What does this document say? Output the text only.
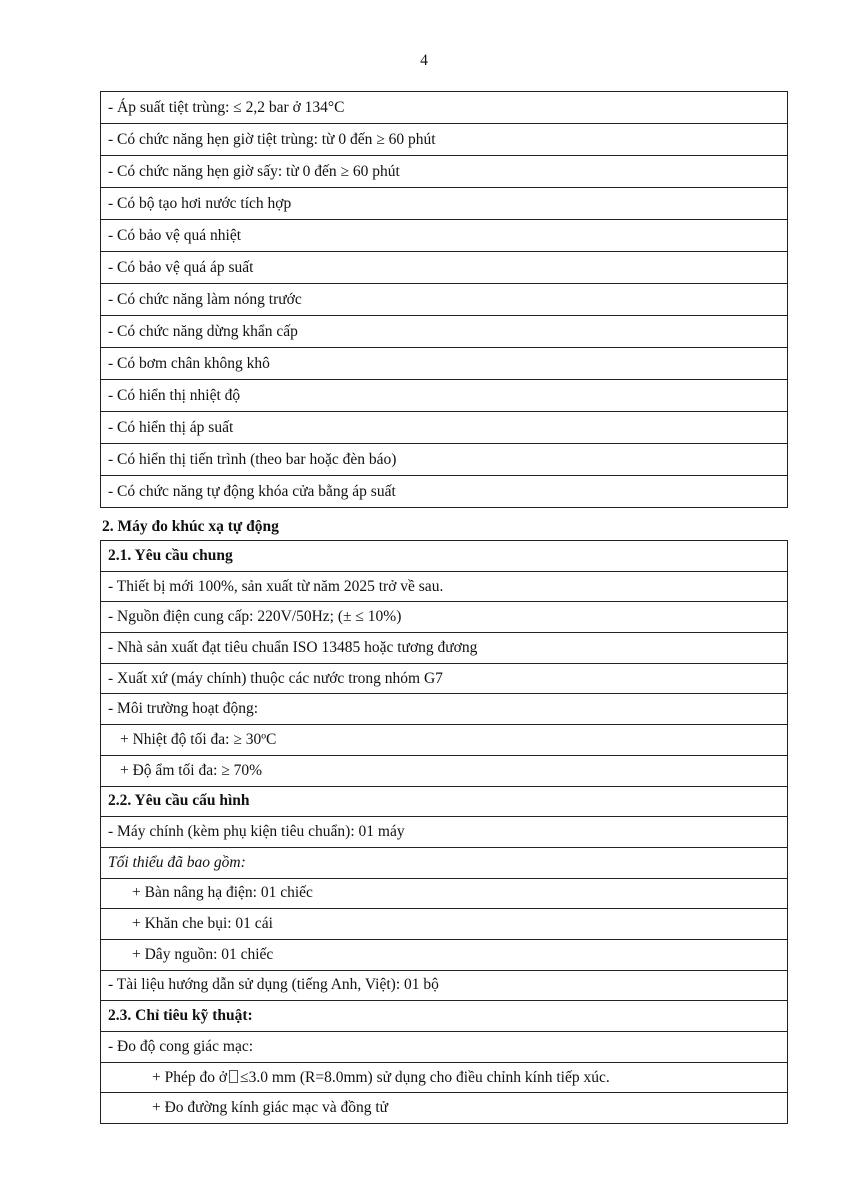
4
- Áp suất tiệt trùng: ≤ 2,2 bar ở 134°C
- Có chức năng hẹn giờ tiệt trùng: từ 0 đến ≥ 60 phút
- Có chức năng hẹn giờ sấy: từ 0 đến ≥ 60 phút
- Có bộ tạo hơi nước tích hợp
- Có bảo vệ quá nhiệt
- Có bảo vệ quá áp suất
- Có chức năng làm nóng trước
- Có chức năng dừng khẩn cấp
- Có bơm chân không khô
- Có hiển thị nhiệt độ
- Có hiển thị áp suất
- Có hiển thị tiến trình (theo bar hoặc đèn báo)
- Có chức năng tự động khóa cửa bằng áp suất
2. Máy đo khúc xạ tự động
2.1. Yêu cầu chung
- Thiết bị mới 100%, sản xuất từ năm 2025 trở về sau.
- Nguồn điện cung cấp: 220V/50Hz; (± ≤ 10%)
- Nhà sản xuất đạt tiêu chuẩn ISO 13485 hoặc tương đương
- Xuất xứ (máy chính) thuộc các nước trong nhóm G7
- Môi trường hoạt động:
+ Nhiệt độ tối đa: ≥ 30ºC
+ Độ ẩm tối đa: ≥ 70%
2.2. Yêu cầu cấu hình
- Máy chính (kèm phụ kiện tiêu chuẩn): 01 máy
Tối thiểu đã bao gồm:
+ Bàn nâng hạ điện: 01 chiếc
+ Khăn che bụi: 01 cái
+ Dây nguồn: 01 chiếc
- Tài liệu hướng dẫn sử dụng (tiếng Anh, Việt): 01 bộ
2.3. Chỉ tiêu kỹ thuật:
- Đo độ cong giác mạc:
+ Phép đo ở ≤3.0 mm (R=8.0mm) sử dụng cho điều chỉnh kính tiếp xúc.
+ Đo đường kính giác mạc và đồng tử
